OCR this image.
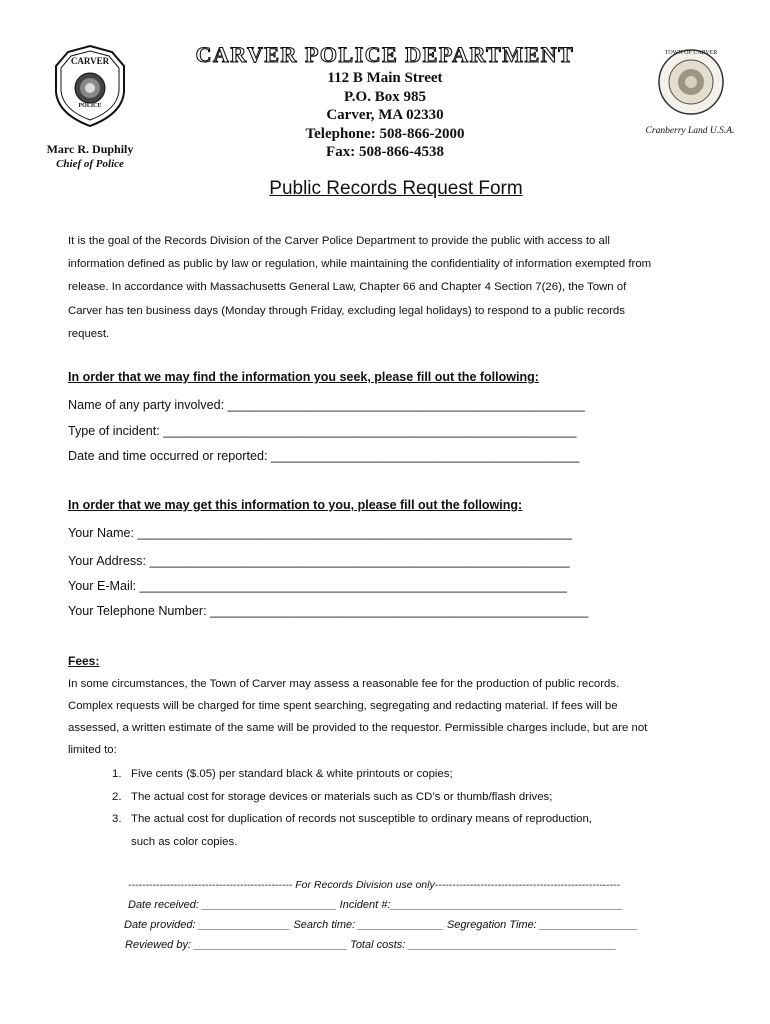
CARVER
POLICE
TOWN OF CARVER
CARVER POLICE DEPARTMENT
112 B Main Street
P.O. Box 985
Carver, MA 02330
Telephone: 508-866-2000
Fax: 508-866-4538
Marc R. Duphily
Chief of Police
Cranberry Land U.S.A.
Public Records Request Form
It is the goal of the Records Division of the Carver Police Department to provide the public with access to all
information defined as public by law or regulation, while maintaining the confidentiality of information exempted from
release. In accordance with Massachusetts General Law, Chapter 66 and Chapter 4 Section 7(26), the Town of
Carver has ten business days (Monday through Friday, excluding legal holidays) to respond to a public records
request.
In order that we may find the information you seek, please fill out the following:
Name of any party involved: ___________________________________________________
Type of incident: ___________________________________________________________
Date and time occurred or reported: ____________________________________________
In order that we may get this information to you, please fill out the following:
Your Name: ______________________________________________________________
Your Address: ____________________________________________________________
Your E-Mail: _____________________________________________________________
Your Telephone Number: ______________________________________________________
Fees:
In some circumstances, the Town of Carver may assess a reasonable fee for the production of public records.
Complex requests will be charged for time spent searching, segregating and redacting material. If fees will be
assessed, a written estimate of the same will be provided to the requestor. Permissible charges include, but are not
limited to:
1. Five cents ($.05) per standard black & white printouts or copies;
2. The actual cost for storage devices or materials such as CD’s or thumb/flash drives;
3. The actual cost for duplication of records not susceptible to ordinary means of reproduction,
such as color copies.
----------------------------------------------- For Records Division use only-----------------------------------------------------
Date received: ______________________ Incident #:______________________________________
Date provided: _______________ Search time: ______________ Segregation Time: ________________
Reviewed by: _________________________ Total costs: __________________________________
